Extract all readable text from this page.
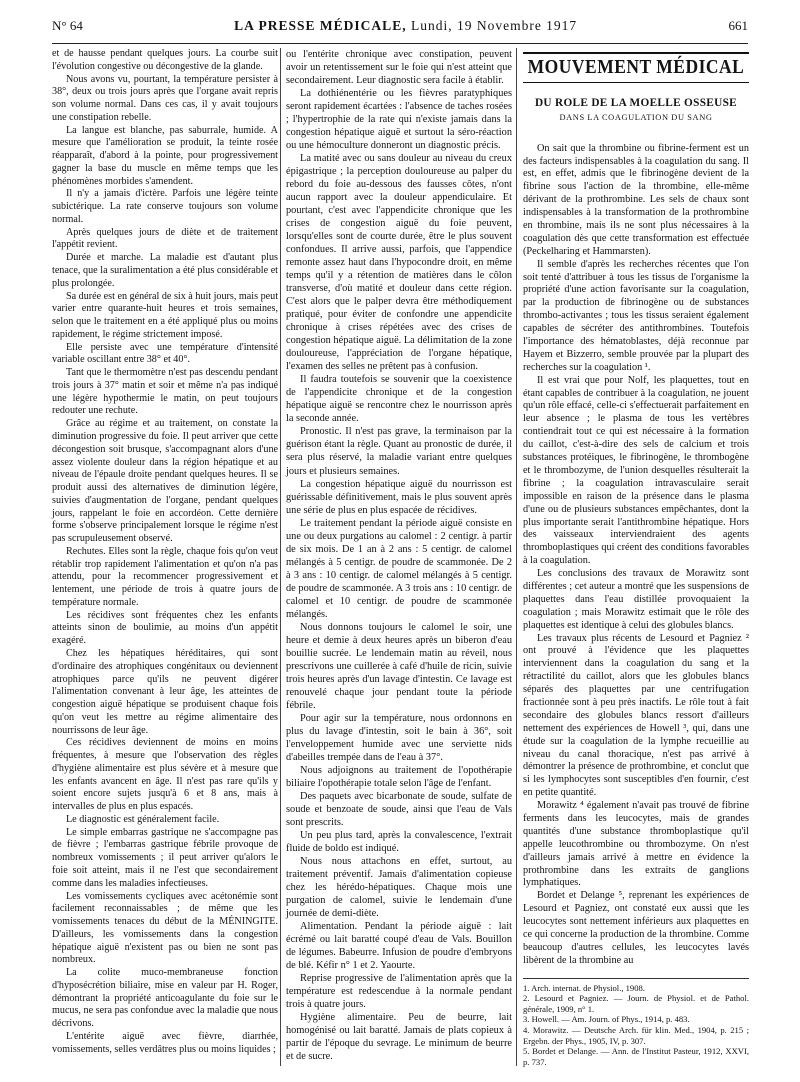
N° 64	LA PRESSE MÉDICALE, Lundi, 19 Novembre 1917	661

et de hausse pendant quelques jours. La courbe suit l'évolution congestive ou décongestive de la glande.

Nous avons vu, pourtant, la température persister à 38°, deux ou trois jours après que l'organe avait repris son volume normal. Dans ces cas, il y avait toujours une constipation rebelle.

La langue est blanche, pas saburrale, humide. A mesure que l'amélioration se produit, la teinte rosée réapparaît, d'abord à la pointe, pour progressivement gagner la base du muscle en même temps que les phénomènes morbides s'amendent.

Il n'y a jamais d'ictère. Parfois une légère teinte subictérique. La rate conserve toujours son volume normal.

Après quelques jours de diète et de traitement l'appétit revient.

Durée et marche. La maladie est d'autant plus tenace, que la suralimentation a été plus considérable et plus prolongée.

Sa durée est en général de six à huit jours, mais peut varier entre quarante-huit heures et trois semaines, selon que le traitement en a été appliqué plus ou moins rapidement, le régime strictement imposé.

Elle persiste avec une température d'intensité variable oscillant entre 38° et 40°.

Tant que le thermomètre n'est pas descendu pendant trois jours à 37° matin et soir et même n'a pas indiqué une légère hypothermie le matin, on peut toujours redouter une rechute.

Grâce au régime et au traitement, on constate la diminution progressive du foie. Il peut arriver que cette décongestion soit brusque, s'accompagnant alors d'une assez violente douleur dans la région hépatique et au niveau de l'épaule droite pendant quelques heures. Il se produit aussi des alternatives de diminution légère, suivies d'augmentation de l'organe, pendant quelques jours, rappelant le foie en accordéon. Cette dernière forme s'observe principalement lorsque le régime n'est pas scrupuleusement observé.

Rechutes. Elles sont la règle, chaque fois qu'on veut rétablir trop rapidement l'alimentation et qu'on n'a pas attendu, pour la recommencer progressivement et lentement, une période de trois à quatre jours de température normale.

Les récidives sont fréquentes chez les enfants atteints sinon de boulimie, au moins d'un appétit exagéré.

Chez les hépatiques héréditaires, qui sont d'ordinaire des atrophiques congénitaux ou deviennent atrophiques parce qu'ils ne peuvent digérer l'alimentation convenant à leur âge, les atteintes de congestion aiguë hépatique se produisent chaque fois qu'on veut les mettre au régime alimentaire des nourrissons de leur âge.

Ces récidives deviennent de moins en moins fréquentes, à mesure que l'observation des règles d'hygiène alimentaire est plus sévère et à mesure que les enfants avancent en âge. Il n'est pas rare qu'ils y soient encore sujets jusqu'à 6 et 8 ans, mais à intervalles de plus en plus espacés.

Le diagnostic est généralement facile.

Le simple embarras gastrique ne s'accompagne pas de fièvre ; l'embarras gastrique fébrile provoque de nombreux vomissements ; il peut arriver qu'alors le foie soit atteint, mais il ne l'est que secondairement comme dans les maladies infectieuses.

Les vomissements cycliques avec acétonémie sont facilement reconnaissables ; de même que les vomissements tenaces du début de la MÉNINGITE. D'ailleurs, les vomissements dans la congestion hépatique aiguë n'existent pas ou bien ne sont pas nombreux.

La colite muco-membraneuse fonction d'hyposécrétion biliaire, mise en valeur par H. Roger, démontrant la propriété anticoagulante du foie sur le mucus, ne sera pas confondue avec la maladie que nous décrivons.

L'entérite aiguë avec fièvre, diarrhée, vomissements, selles verdâtres plus ou moins liquides ;

ou l'entérite chronique avec constipation, peuvent avoir un retentissement sur le foie qui n'est atteint que secondairement. Leur diagnostic sera facile à établir.

La dothiénentérie ou les fièvres paratyphiques seront rapidement écartées : l'absence de taches rosées ; l'hypertrophie de la rate qui n'existe jamais dans la congestion hépatique aiguë et surtout la séro-réaction ou une hémoculture donneront un diagnostic précis.

La matité avec ou sans douleur au niveau du creux épigastrique ; la perception douloureuse au palper du rebord du foie au-dessous des fausses côtes, n'ont aucun rapport avec la douleur appendiculaire. Et pourtant, c'est avec l'appendicite chronique que les crises de congestion aiguë du foie peuvent, lorsqu'elles sont de courte durée, être le plus souvent confondues. Il arrive aussi, parfois, que l'appendice remonte assez haut dans l'hypocondre droit, en même temps qu'il y a rétention de matières dans le côlon transverse, d'où matité et douleur dans cette région. C'est alors que le palper devra être méthodiquement pratiqué, pour éviter de confondre une appendicite chronique à crises répétées avec des crises de congestion hépatique aiguë. La délimitation de la zone douloureuse, l'appréciation de l'organe hépatique, l'examen des selles ne prêtent pas à confusion.

Il faudra toutefois se souvenir que la coexistence de l'appendicite chronique et de la congestion hépatique aiguë se rencontre chez le nourrisson après la seconde année.

Pronostic. Il n'est pas grave, la terminaison par la guérison étant la règle. Quant au pronostic de durée, il sera plus réservé, la maladie variant entre quelques jours et plusieurs semaines.

La congestion hépatique aiguë du nourrisson est guérissable définitivement, mais le plus souvent après une série de plus en plus espacée de récidives.

Le traitement pendant la période aiguë consiste en une ou deux purgations au calomel : 2 centigr. à partir de six mois. De 1 an à 2 ans : 5 centigr. de calomel mélangés à 5 centigr. de poudre de scammonée. De 2 à 3 ans : 10 centigr. de calomel mélangés à 5 centigr. de poudre de scammonée. A 3 trois ans : 10 centigr. de calomel et 10 centigr. de poudre de scammonée mélangés.

Nous donnons toujours le calomel le soir, une heure et demie à deux heures après un biberon d'eau bouillie sucrée. Le lendemain matin au réveil, nous prescrivons une cuillerée à café d'huile de ricin, suivie trois heures après d'un lavage d'intestin. Ce lavage est renouvelé chaque jour pendant toute la période fébrile.

Pour agir sur la température, nous ordonnons en plus du lavage d'intestin, soit le bain à 36°, soit l'enveloppement humide avec une serviette nids d'abeilles trempée dans de l'eau à 37°.

Nous adjoignons au traitement de l'opothérapie biliaire l'opothérapie totale selon l'âge de l'enfant.

Des paquets avec bicarbonate de soude, sulfate de soude et benzoate de soude, ainsi que l'eau de Vals sont prescrits.

Un peu plus tard, après la convalescence, l'extrait fluide de boldo est indiqué.

Nous nous attachons en effet, surtout, au traitement préventif. Jamais d'alimentation copieuse chez les hérédo-hépatiques. Chaque mois une purgation de calomel, suivie le lendemain d'une journée de demi-diète.

Alimentation. Pendant la période aiguë : lait écrémé ou lait baratté coupé d'eau de Vals. Bouillon de légumes. Babeurre. Infusion de poudre d'embryons de blé. Kéfir n° 1 et 2. Yaourte.

Reprise progressive de l'alimentation après que la température est redescendue à la normale pendant trois à quatre jours.

Hygiène alimentaire. Peu de beurre, lait homogénisé ou lait baratté. Jamais de plats copieux à partir de l'époque du sevrage. Le minimum de beurre et de sucre.

MOUVEMENT MÉDICAL
DU ROLE DE LA MOELLE OSSEUSE
DANS LA COAGULATION DU SANG

On sait que la thrombine ou fibrine-ferment est un des facteurs indispensables à la coagulation du sang. Il est, en effet, admis que le fibrinogène devient de la fibrine sous l'action de la thrombine, elle-même dérivant de la prothrombine. Les sels de chaux sont indispensables à la transformation de la prothrombine en thrombine, mais ils ne sont plus nécessaires à la coagulation dès que cette transformation est effectuée (Peckelharing et Hammarsten).

Il semble d'après les recherches récentes que l'on soit tenté d'attribuer à tous les tissus de l'organisme la propriété d'une action favorisante sur la coagulation, par la production de fibrinogène ou de substances thrombo-activantes ; tous les tissus seraient également capables de sécréter des antithrombines. Toutefois l'importance des hématoblastes, déjà reconnue par Hayem et Bizzerro, semble prouvée par la plupart des recherches sur la coagulation ¹.

Il est vrai que pour Nolf, les plaquettes, tout en étant capables de contribuer à la coagulation, ne jouent qu'un rôle effacé, celle-ci s'effectuerait parfaitement en leur absence ; le plasma de tous les vertèbres contiendrait tout ce qui est nécessaire à la formation du caillot, c'est-à-dire des sels de calcium et trois substances protéiques, le fibrinogène, le thrombogène et le thrombozyme, de l'union desquelles résulterait la fibrine ; la coagulation intravasculaire serait impossible en raison de la présence dans le plasma d'une ou de plusieurs substances empêchantes, dont la plus importante serait l'antithrombine hépatique. Hors des vaisseaux interviendraient des agents thromboplastiques qui créent des conditions favorables à la coagulation.

Les conclusions des travaux de Morawitz sont différentes ; cet auteur a montré que les suspensions de plaquettes dans l'eau distillée provoquaient la coagulation ; mais Morawitz estimait que le rôle des plaquettes est identique à celui des globules blancs.

Les travaux plus récents de Lesourd et Pagniez ² ont prouvé à l'évidence que les plaquettes interviennent dans la coagulation du sang et la rétractilité du caillot, alors que les globules blancs séparés des plaquettes par une centrifugation fractionnée sont à peu près inactifs. Le rôle tout à fait secondaire des globules blancs ressort d'ailleurs nettement des expériences de Howell ³, qui, dans une étude sur la coagulation de la lymphe recueillie au niveau du canal thoracique, n'est pas arrivé à démontrer la présence de prothrombine, et conclut que si les lymphocytes sont susceptibles d'en fournir, c'est en petite quantité.

Morawitz ⁴ également n'avait pas trouvé de fibrine ferments dans les leucocytes, mais de grandes quantités d'une substance thromboplastique qu'il appelle leucothrombine ou thrombozyme. On n'est d'ailleurs jamais arrivé à mettre en évidence la prothrombine dans les extraits de ganglions lymphatiques.

Bordet et Delange ⁵, reprenant les expériences de Lesourd et Pagniez, ont constaté eux aussi que les leucocytes sont nettement inférieurs aux plaquettes en ce qui concerne la production de la thrombine. Comme beaucoup d'autres cellules, les leucocytes lavés libèrent de la thrombine au

1. Arch. internat. de Physiol., 1908.
2. Lesourd et Pagniez. — Journ. de Physiol. et de Pathol. générale, 1909, n° 1.
3. Howell. — Am. Journ. of Phys., 1914, p. 483.
4. Morawitz. — Deutsche Arch. für klin. Med., 1904, p. 215 ; Ergebn. der Phys., 1905, IV, p. 307.
5. Bordet et Delange. — Ann. de l'Institut Pasteur, 1912, XXVI, p. 737.
